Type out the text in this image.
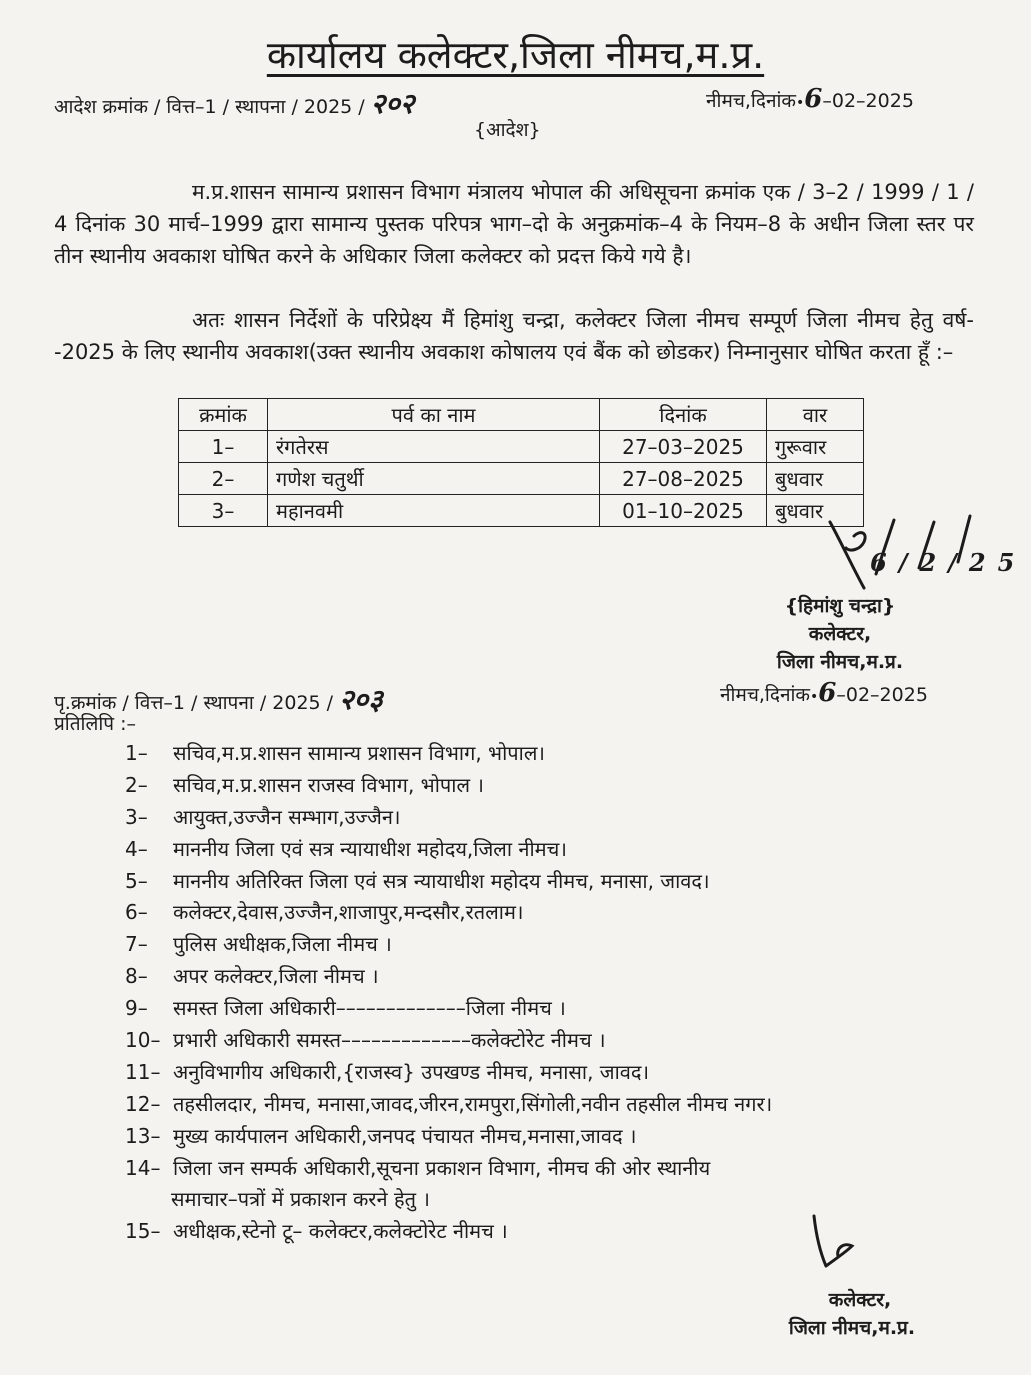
कार्यालय कलेक्टर,जिला नीमच,म.प्र.
आदेश क्रमांक / वित्त–1 / स्थापना / 2025 / २०२	नीमच,दिनांक•6–02–2025
{आदेश}
म.प्र.शासन सामान्य प्रशासन विभाग मंत्रालय भोपाल की अधिसूचना क्रमांक एक / 3–2 / 1999 / 1 / 4 दिनांक 30 मार्च–1999 द्वारा सामान्य पुस्तक परिपत्र भाग–दो के अनुक्रमांक–4 के नियम–8 के अधीन जिला स्तर पर तीन स्थानीय अवकाश घोषित करने के अधिकार जिला कलेक्टर को प्रदत्त किये गये है।
अतः शासन निर्देशों के परिप्रेक्ष्य मैं हिमांशु चन्द्रा, कलेक्टर जिला नीमच सम्पूर्ण जिला नीमच हेतु वर्ष--2025 के लिए स्थानीय अवकाश(उक्त स्थानीय अवकाश कोषालय एवं बैंक को छोडकर) निम्नानुसार घोषित करता हूँ :–
क्रमांक	पर्व का नाम	दिनांक	वार
1–	रंगतेरस	27–03–2025	गुरूवार
2–	गणेश चतुर्थी	27–08–2025	बुधवार
3–	महानवमी	01–10–2025	बुधवार
6/2/25
{हिमांशु चन्द्रा}
कलेक्टर,
जिला नीमच,म.प्र.
पृ.क्रमांक / वित्त–1 / स्थापना / 2025 / २०३	नीमच,दिनांक•6–02–2025
प्रतिलिपि :–
1– सचिव,म.प्र.शासन सामान्य प्रशासन विभाग, भोपाल।
2– सचिव,म.प्र.शासन राजस्व विभाग, भोपाल ।
3– आयुक्त,उज्जैन सम्भाग,उज्जैन।
4– माननीय जिला एवं सत्र न्यायाधीश महोदय,जिला नीमच।
5– माननीय अतिरिक्त जिला एवं सत्र न्यायाधीश महोदय नीमच, मनासा, जावद।
6– कलेक्टर,देवास,उज्जैन,शाजापुर,मन्दसौर,रतलाम।
7– पुलिस अधीक्षक,जिला नीमच ।
8– अपर कलेक्टर,जिला नीमच ।
9– समस्त जिला अधिकारी–––––––––––––जिला नीमच ।
10– प्रभारी अधिकारी समस्त–––––––––––––कलेक्टोरेट नीमच ।
11– अनुविभागीय अधिकारी,{राजस्व} उपखण्ड नीमच, मनासा, जावद।
12– तहसीलदार, नीमच, मनासा,जावद,जीरन,रामपुरा,सिंगोली,नवीन तहसील नीमच नगर।
13– मुख्य कार्यपालन अधिकारी,जनपद पंचायत नीमच,मनासा,जावद ।
14– जिला जन सम्पर्क अधिकारी,सूचना प्रकाशन विभाग, नीमच की ओर स्थानीय
समाचार–पत्रों में प्रकाशन करने हेतु ।
15– अधीक्षक,स्टेनो टू– कलेक्टर,कलेक्टोरेट नीमच ।
कलेक्टर,
जिला नीमच,म.प्र.
